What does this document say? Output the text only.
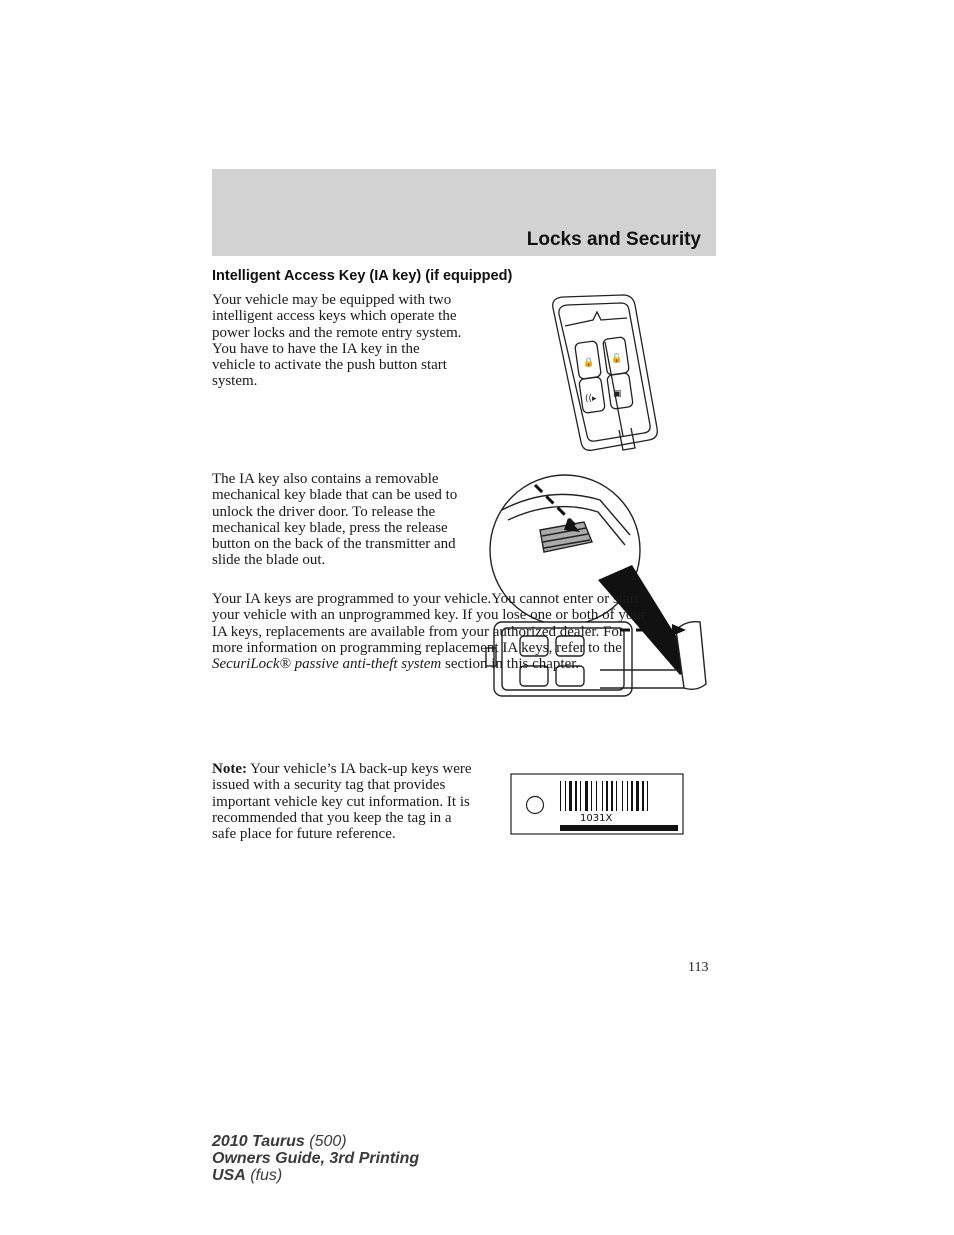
Locks and Security
Intelligent Access Key (IA key) (if equipped)

Your vehicle may be equipped with two intelligent access keys which operate the power locks and the remote entry system. You have to have the IA key in the vehicle to activate the push button start system.

🔒 🔓
((▸ ▣

The IA key also contains a removable mechanical key blade that can be used to unlock the driver door. To release the mechanical key blade, press the release button on the back of the transmitter and slide the blade out.

Your IA keys are programmed to your vehicle.You cannot enter or start your vehicle with an unprogrammed key. If you lose one or both of your IA keys, replacements are available from your authorized dealer. For more information on programming replacement IA keys, refer to the SecuriLock® passive anti-theft system section in this chapter.

Note: Your vehicle’s IA back-up keys were issued with a security tag that provides important vehicle key cut information. It is recommended that you keep the tag in a safe place for future reference.

1031X
113
2010 Taurus (500)
Owners Guide, 3rd Printing
USA (fus)
